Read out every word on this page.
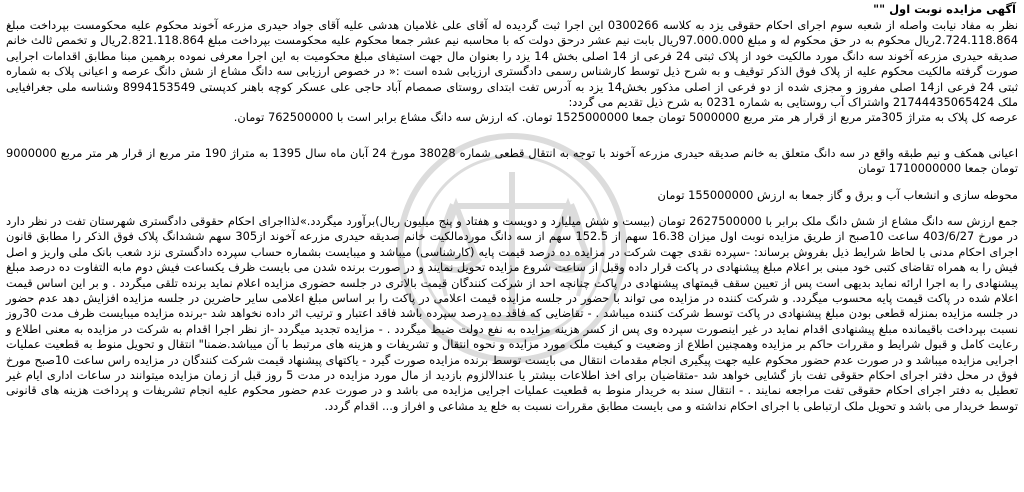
آگهی مزایده نوبت اول ""

نظر به مفاد نیابت واصله از شعبه سوم اجرای احکام حقوقی یزد به کلاسه 0300266 این اجرا ثبت گردیده له آقای علی غلامیان هدشی علیه آقای جواد حیدری مزرعه آخوند محکوم علیه محکومست بپرداخت مبلغ 2.724.118.864ریال محکوم به در حق محکوم له و مبلغ 97.000.000ریال بابت نیم عشر درحق دولت که با محاسبه نیم عشر جمعا محکوم علیه محکومست بپرداخت مبلغ 2.821.118.864ریال و تخمص ثالث خانم صدیقه حیدری مزرعه آخوند سه دانگ مورد مالکیت خود از پلاک ثبتی 24 فرعی از 14 اصلی بخش 14 یزد را بعنوان مال جهت استیفای مبلغ محکومیت به این اجرا معرفی نموده برهمین مبنا مطابق اقدامات اجرایی صورت گرفته مالکیت محکوم علیه از پلاک فوق الذکر توقیف و به شرح ذیل توسط کارشناس رسمی دادگستری ارزیابی شده است :« در خصوص ارزیابی سه دانگ مشاع از شش دانگ عرصه و اعیانی پلاک به شماره ثبتی 24 فرعی از14 اصلی مفروز و مجزی شده از دو فرعی از اصلی مذکور بخش14 یزد به آدرس تفت ابتدای روستای صمصام آباد حاجی علی عسکر کوچه باهنر کدپستی 8994153549 وشناسه ملی جغرافیایی ملک 21744435065424 واشتراک آب روستایی به شماره 0231 به شرح ذیل تقدیم می گردد:

عرصه کل پلاک به متراژ 305متر مربع از قرار هر متر مربع 5000000 تومان جمعا 1525000000 تومان. که ارزش سه دانگ مشاع برابر است با 762500000 تومان.

اعیانی همکف و نیم طبقه واقع در سه دانگ متعلق به خانم صدیقه حیدری مزرعه آخوند با توجه به انتقال قطعی شماره 38028 مورخ 24 آبان ماه سال 1395 به متراژ 190 متر مربع از قرار هر متر مربع 9000000 تومان جمعا 1710000000 تومان

محوطه سازی و انشعاب آب و برق و گاز جمعا به ارزش 155000000 تومان

جمع ارزش سه دانگ مشاع از شش دانگ ملک برابر با 2627500000 تومان (بیست و شش میلیارد و دویست و هفتاد و پنج میلیون ریال)برآورد میگردد.»لذااجرای احکام حقوقی دادگستری شهرستان تفت در نظر دارد در مورخ 403/6/27 ساعت 10صبح از طریق مزایده نوبت اول میزان 16.38 سهم از 152.5 سهم از سه دانگ موردمالکیت خانم صدیقه حیدری مزرعه آخوند از305 سهم ششدانگ پلاک فوق الذکر را مطابق قانون اجرای احکام مدنی با لحاظ شرایط ذیل بفروش برساند: -سپرده نقدی جهت شرکت در مزایده ده درصد قیمت پایه (کارشناسی) میباشد و میبایست بشماره حساب سپرده دادگستری نزد شعب بانک ملی واریز و اصل فیش را به همراه تقاضای کتبی خود مبنی بر اعلام مبلغ پیشنهادی در پاکت قرار داده وقبل از ساعت شروع مزایده تحویل نمایند و در صورت برنده شدن می بایست ظرف یکساعت فیش دوم مابه التفاوت ده درصد مبلغ پیشنهادی را به اجرا ارائه نماید بدیهی است پس از تعیین سقف قیمتهای پیشنهادی در پاکت چنانچه احد از شرکت کنندگان قیمت بالاتری در جلسه حضوری مزایده اعلام نماید برنده تلقی میگردد . و بر این اساس قیمت اعلام شده در پاکت قیمت پایه محسوب میگردد. و شرکت کننده در مزایده می تواند با حضور در جلسه مزایده قیمت اعلامی در پاکت را بر اساس مبلغ اعلامی سایر حاضرین در جلسه مزایده افزایش دهد عدم حضور در جلسه مزایده بمنزله قطعی بودن مبلغ پیشنهادی در پاکت توسط شرکت کننده میباشد . - تقاضایی که فاقد ده درصد سپرده باشد فاقد اعتبار و ترتیب اثر داده نخواهد شد -برنده مزایده میبایست ظرف مدت 30روز نسبت بپرداخت باقیمانده مبلغ پیشنهادی اقدام نماید در غیر اینصورت سپرده وی پس از کسر هزینه مزایده به نفع دولت ضبط میگردد . - مزایده تجدید میگردد -از نظر اجرا اقدام به شرکت در مزایده به معنی اطلاع و رعایت کامل و قبول شرایط و مقررات حاکم بر مزایده وهمچنین اطلاع از وضعیت و کیفیت ملک مورد مزایده و نحوه انتقال و تشریفات و هزینه های مرتبط با آن میباشد.ضمنا" انتقال و تحویل منوط به قطعیت عملیات اجرایی مزایده میباشد و در صورت عدم حضور محکوم علیه جهت پیگیری انجام مقدمات انتقال می بایست توسط برنده مزایده صورت گیرد - یاکتهای پیشنهاد قیمت شرکت کنندگان در مزایده راس ساعت 10صبح مورخ فوق در محل دفتر اجرای احکام حقوقی تفت باز گشایی خواهد شد -متقاضیان برای اخذ اطلاعات بیشتر یا عندالالزوم بازدید از مال مورد مزایده در مدت 5 روز قبل از زمان مزایده میتوانند در ساعات اداری ایام غیر تعطیل به دفتر اجرای احکام حقوقی تفت مراجعه نمایند . - انتقال سند به خریدار منوط به قطعیت عملیات اجرایی مزایده می باشد و در صورت عدم حضور محکوم علیه انجام تشریفات و پرداخت هزینه های قانونی توسط خریدار می باشد و تحویل ملک ارتباطی با اجرای احکام نداشته و می بایست مطابق مقررات نسبت به خلع ید مشاعی و افراز و... اقدام گردد.
